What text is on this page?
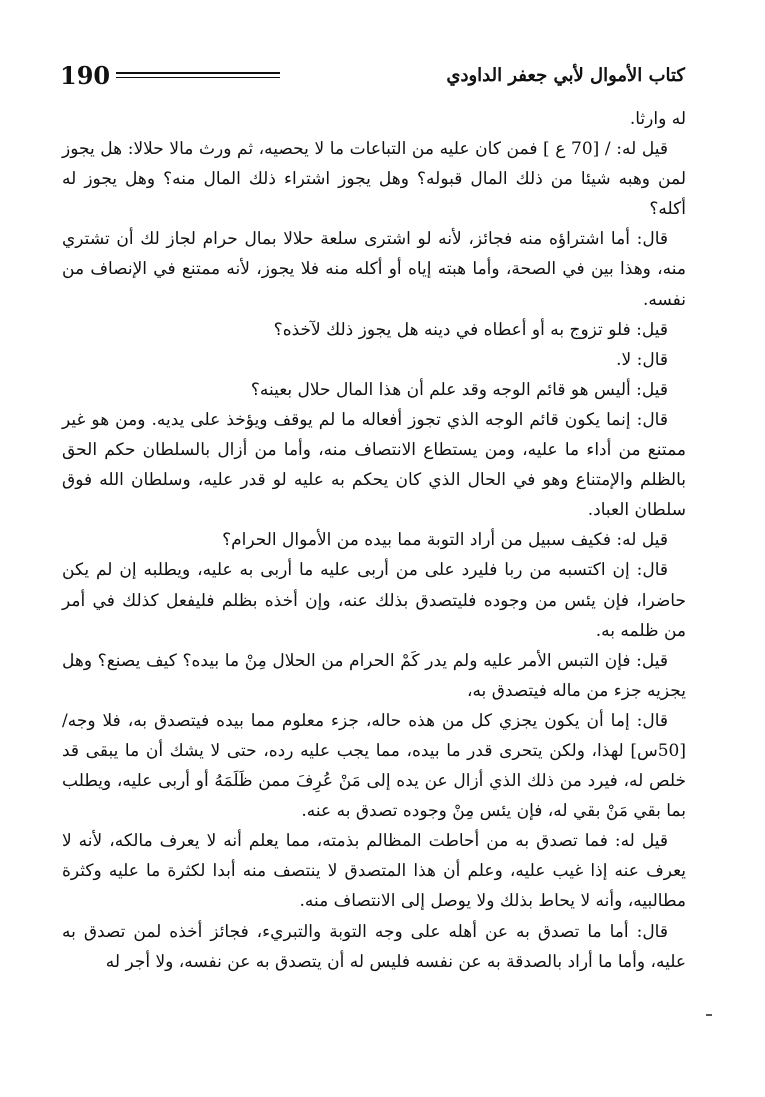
190	كتاب الأموال لأبي جعفر الداودي

له وارثا.

قيل له: / [70 ع ] فمن كان عليه من التباعات ما لا يحصيه، ثم ورث مالا حلالا: هل يجوز لمن وهبه شيئا من ذلك المال قبوله؟ وهل يجوز اشتراء ذلك المال منه؟ وهل يجوز له أكله؟

قال: أما اشتراؤه منه فجائز، لأنه لو اشترى سلعة حلالا بمال حرام لجاز لك أن تشتري منه، وهذا بين في الصحة، وأما هبته إياه أو أكله منه فلا يجوز، لأنه ممتنع في الإنصاف من نفسه.

قيل: فلو تزوج به أو أعطاه في دينه هل يجوز ذلك لآخذه؟

قال: لا.

قيل: أليس هو قائم الوجه وقد علم أن هذا المال حلال بعينه؟

قال: إنما يكون قائم الوجه الذي تجوز أفعاله ما لم يوقف ويؤخذ على يديه. ومن هو غير ممتنع من أداء ما عليه، ومن يستطاع الانتصاف منه، وأما من أزال بالسلطان حكم الحق بالظلم والإمتناع وهو في الحال الذي كان يحكم به عليه لو قدر عليه، وسلطان الله فوق سلطان العباد.

قيل له: فكيف سبيل من أراد التوبة مما بيده من الأموال الحرام؟

قال: إن اكتسبه من ربا فليرد على من أربى عليه ما أربى به عليه، ويطلبه إن لم يكن حاضرا، فإن يئس من وجوده فليتصدق بذلك عنه، وإن أخذه بظلم فليفعل كذلك في أمر من ظلمه به.

قيل: فإن التبس الأمر عليه ولم يدر كَمْ الحرام من الحلال مِنْ ما بيده؟ كيف يصنع؟ وهل يجزيه جزء من ماله فيتصدق به،

قال: إما أن يكون يجزي كل من هذه حاله، جزء معلوم مما بيده فيتصدق به، فلا وجه/ [50س] لهذا، ولكن يتحرى قدر ما بيده، مما يجب عليه رده، حتى لا يشك أن ما يبقى قد خلص له، فيرد من ذلك الذي أزال عن يده إلى مَنْ عُرِفَ ممن ظَلَمَهُ أو أربى عليه، ويطلب بما بقي مَنْ بقي له، فإن يئس مِنْ وجوده تصدق به عنه.

قيل له: فما تصدق به من أحاطت المظالم بذمته، مما يعلم أنه لا يعرف مالكه، لأنه لا يعرف عنه إذا غيب عليه، وعلم أن هذا المتصدق لا ينتصف منه أبدا لكثرة ما عليه وكثرة مطالبيه، وأنه لا يحاط بذلك ولا يوصل إلى الانتصاف منه.

قال: أما ما تصدق به عن أهله على وجه التوبة والتبريء، فجائز أخذه لمن تصدق به عليه، وأما ما أراد بالصدقة به عن نفسه فليس له أن يتصدق به عن نفسه، ولا أجر له
